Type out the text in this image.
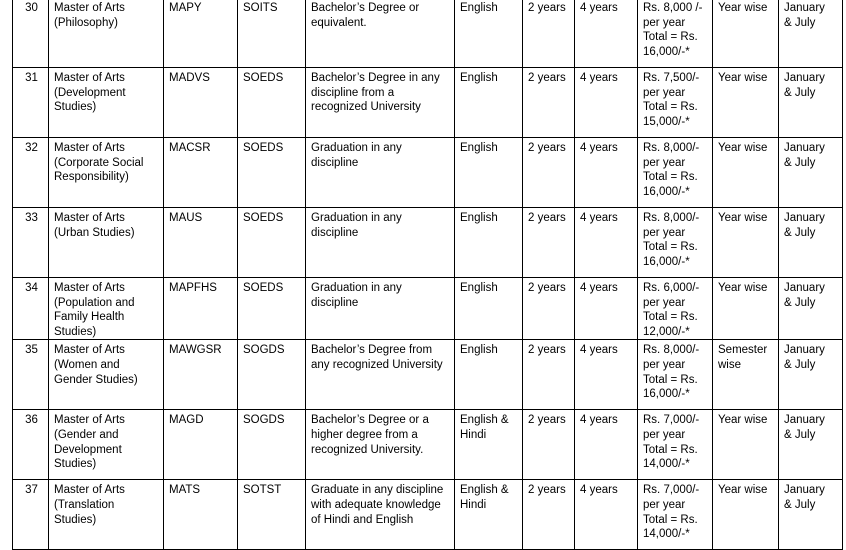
30	Master of Arts
(Philosophy)	MAPY	SOITS	Bachelor’s Degree or
equivalent.	English	2 years	4 years	Rs. 8,000 /-
per year
Total = Rs.
16,000/-*	Year wise	January
& July

31	Master of Arts
(Development
Studies)	MADVS	SOEDS	Bachelor’s Degree in any
discipline from a
recognized University	English	2 years	4 years	Rs. 7,500/-
per year
Total = Rs.
15,000/-*	Year wise	January
& July

32	Master of Arts
(Corporate Social
Responsibility)	MACSR	SOEDS	Graduation in any
discipline	English	2 years	4 years	Rs. 8,000/-
per year
Total = Rs.
16,000/-*	Year wise	January
& July

33	Master of Arts
(Urban Studies)	MAUS	SOEDS	Graduation in any
discipline	English	2 years	4 years	Rs. 8,000/-
per year
Total = Rs.
16,000/-*	Year wise	January
& July

34	Master of Arts
(Population and
Family Health
Studies)	MAPFHS	SOEDS	Graduation in any
discipline	English	2 years	4 years	Rs. 6,000/-
per year
Total = Rs.
12,000/-*	Year wise	January
& July

35	Master of Arts
(Women and
Gender Studies)	MAWGSR	SOGDS	Bachelor’s Degree from
any recognized University	English	2 years	4 years	Rs. 8,000/-
per year
Total = Rs.
16,000/-*	Semester
wise	January
& July

36	Master of Arts
(Gender and
Development
Studies)	MAGD	SOGDS	Bachelor’s Degree or a
higher degree from a
recognized University.	English &
Hindi	2 years	4 years	Rs. 7,000/-
per year
Total = Rs.
14,000/-*	Year wise	January
& July

37	Master of Arts
(Translation
Studies)	MATS	SOTST	Graduate in any discipline
with adequate knowledge
of Hindi and English	English &
Hindi	2 years	4 years	Rs. 7,000/-
per year
Total = Rs.
14,000/-*	Year wise	January
& July
